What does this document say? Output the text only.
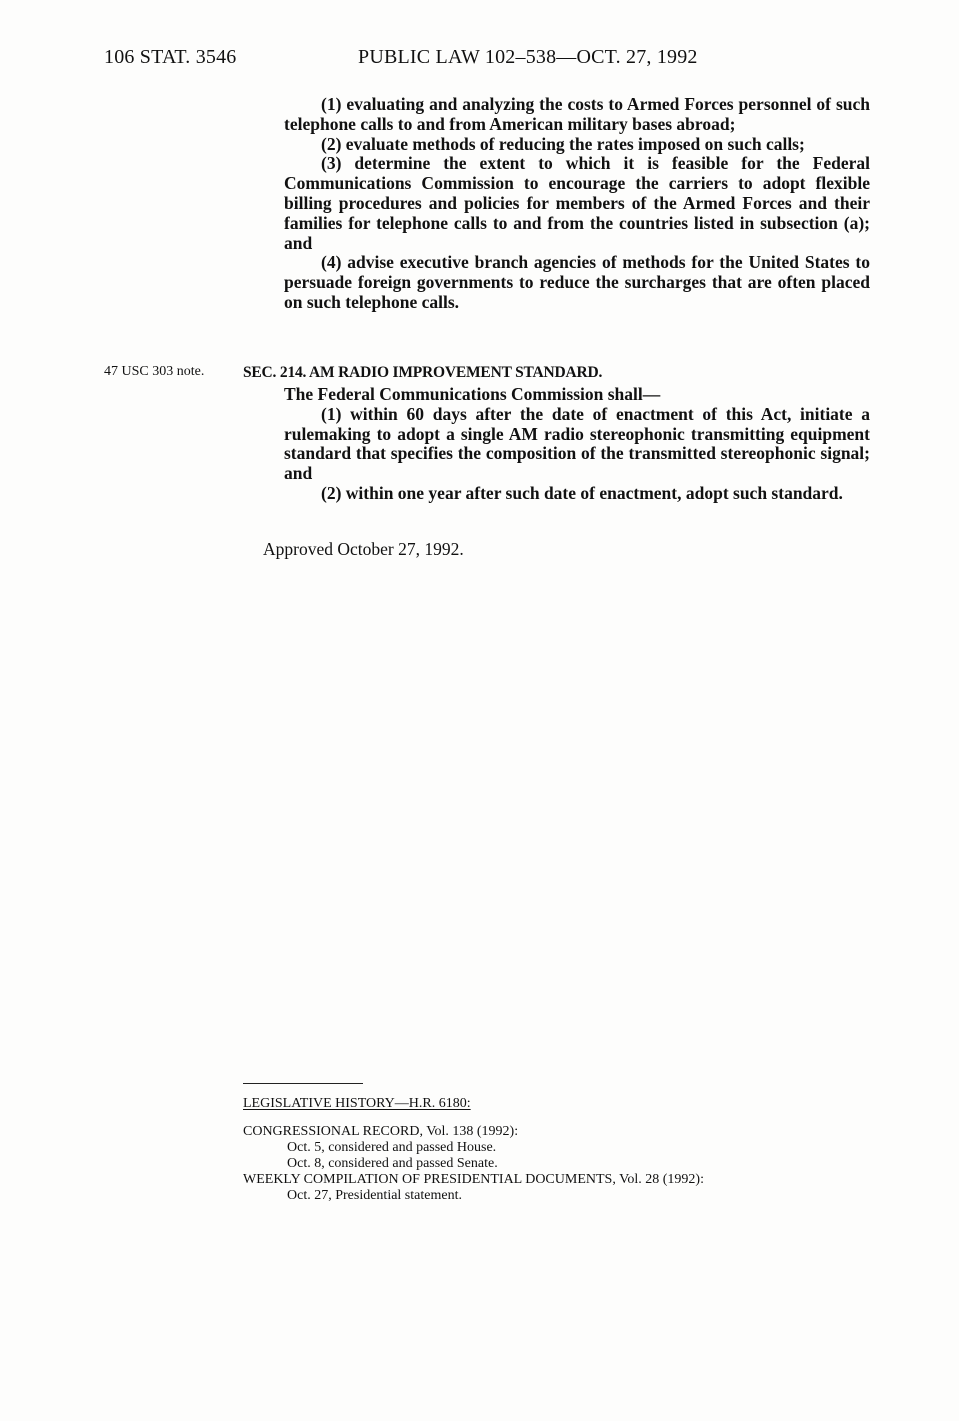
106 STAT. 3546	PUBLIC LAW 102–538—OCT. 27, 1992

(1) evaluating and analyzing the costs to Armed Forces personnel of such telephone calls to and from American military bases abroad;

(2) evaluate methods of reducing the rates imposed on such calls;

(3) determine the extent to which it is feasible for the Federal Communications Commission to encourage the carriers to adopt flexible billing procedures and policies for members of the Armed Forces and their families for telephone calls to and from the countries listed in subsection (a); and

(4) advise executive branch agencies of methods for the United States to persuade foreign governments to reduce the surcharges that are often placed on such telephone calls.

47 USC 303 note. SEC. 214. AM RADIO IMPROVEMENT STANDARD.

The Federal Communications Commission shall—

(1) within 60 days after the date of enactment of this Act, initiate a rulemaking to adopt a single AM radio stereophonic transmitting equipment standard that specifies the composition of the transmitted stereophonic signal; and

(2) within one year after such date of enactment, adopt such standard.

Approved October 27, 1992.
LEGISLATIVE HISTORY—H.R. 6180:
CONGRESSIONAL RECORD, Vol. 138 (1992):
Oct. 5, considered and passed House.
Oct. 8, considered and passed Senate.
WEEKLY COMPILATION OF PRESIDENTIAL DOCUMENTS, Vol. 28 (1992):
Oct. 27, Presidential statement.
